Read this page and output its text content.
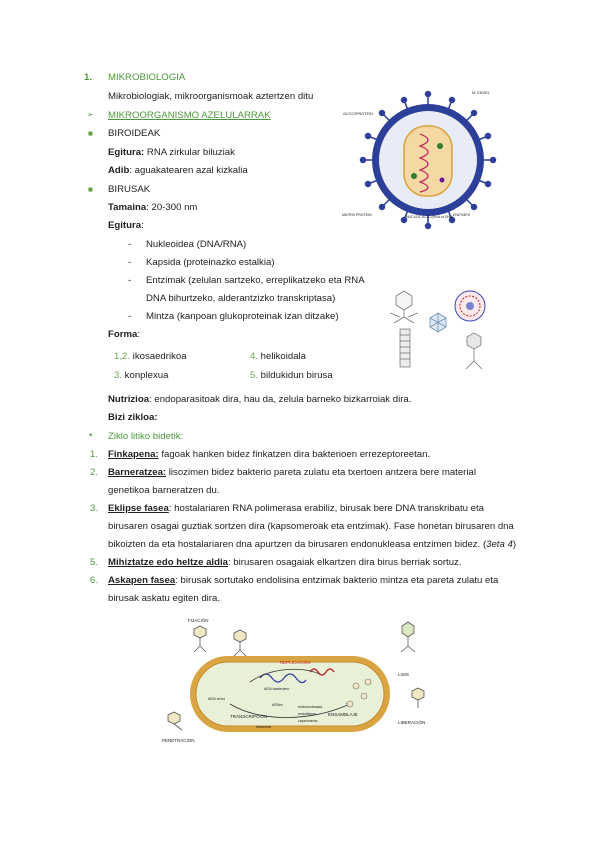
1. MIKROBIOLOGIA
Mikrobiologiak, mikroorganismoak aztertzen ditu
➢ MIKROORGANISMO AZELULARRAK
■ BIROIDEAK
Egitura: RNA zirkular biluziak
Adib: aguakatearen azal kizkalia
■ BIRUSAK
Tamaina: 20-300 nm
Egitura:
- Nukleoidea (DNA/RNA)
- Kapsida (proteinazko estalkia)
- Entzimak (zelulan sartzeko, erreplikatzeko eta RNA
DNA bihurtzeko, alderantzizko transkriptasa)
- Mintza (kanpoan glukoproteinak izan ditzake)
Forma:
1,2. ikosaedrikoa	4. helikoidala
3. konplexua	5. bildukidun birusa
Nutrizioa: endoparasitoak dira, hau da, zelula barneko bizkarroiak dira.
Bizi zikloa:
• Ziklo litiko bidetik:
1. Finkapena: fagoak hanken bidez finkatzen dira bakterioen errezeptoreetan.
2. Barneratzea: lisozimen bidez bakterio pareta zulatu eta txertoen antzera bere material
genetikoa barneratzen du.
3. Eklipse fasea: hostalariaren RNA polimerasa erabiliz, birusak bere DNA transkribatu eta
birusaren osagai guztiak sortzen dira (kapsomeroak eta entzimak). Fase honetan birusaren dna
bikoizten da eta hostalariaren dna apurtzen da birusaren endonukleasa entzimen bidez. (3eta 4)
5. Mihiztatze edo heltze aldia: birusaren osagaiak elkartzen dira birus berriak sortuz.
6. Askapen fasea: birusak sortutako endolisina entzimak bakterio mintza eta pareta zulatu eta
birusak askatu egiten dira.
GLYCOPROTEIN
M. ENVEL
MATRIX PROTEIN	NUCLEIC ACID (RNA or DNA) ENZYMES
FIJACIÓN
PENETRACIÓN
REPLICACIÓN
TRANSCRIPCIÓN
LISIS
LIBERACIÓN
ENSAMBLAJE
ADN bacteriano
ADN vírico
ARNm
ribosoma
endonucleasas
endolisinas
capsómeros
